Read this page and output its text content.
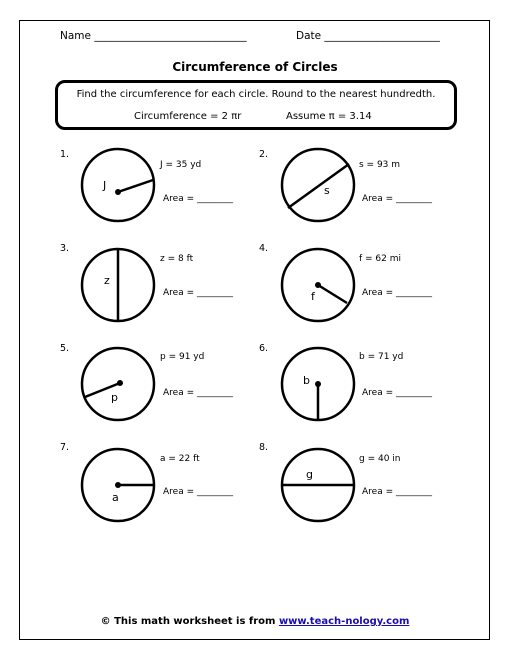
Name _____________________________	Date ______________________
Circumference of Circles
Find the circumference for each circle. Round to the nearest hundredth.
Circumference = 2 πr	Assume π = 3.14
1.
J = 35 yd
Area = ________
2.
s = 93 m
Area = ________
3.
z = 8 ft
Area = ________
4.
f = 62 mi
Area = ________
5.
p = 91 yd
Area = ________
6.
b = 71 yd
Area = ________
7.
a = 22 ft
Area = ________
8.
g = 40 in
Area = ________
J	s
z
f
p
b
a
g
© This math worksheet is from www.teach-nology.com
